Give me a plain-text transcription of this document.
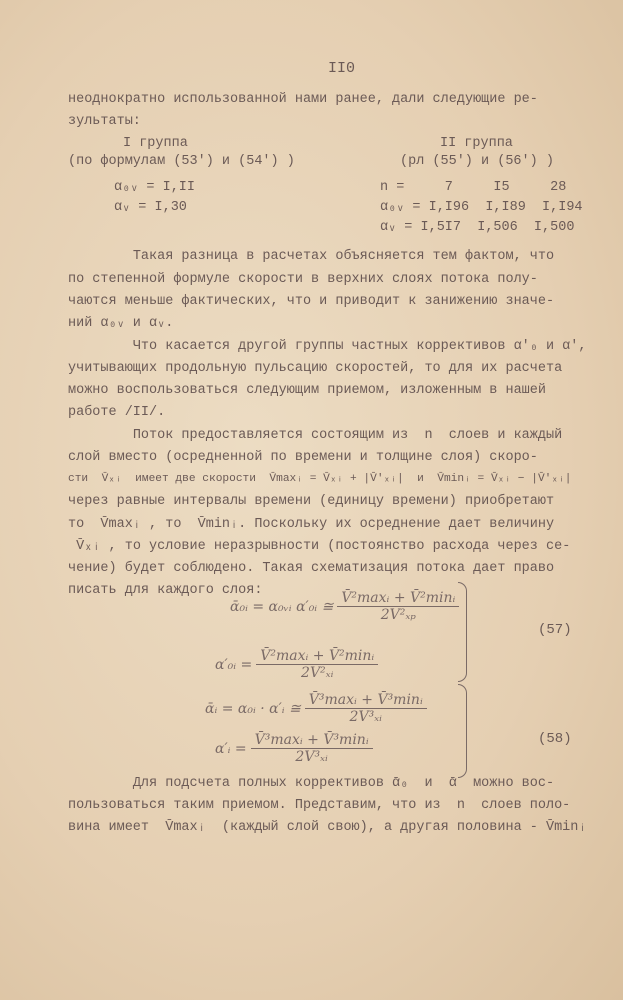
II0
неоднократно использованной нами ранее, дали следующие ре-
зультаты:
I группа
(по формулам (53′) и (54′) )
α₀ᵥ = I,II
αᵥ = I,30
II группа
(рл (55′) и (56′) )
n =     7     I5     28
α₀ᵥ = I,I96  I,I89  I,I94
αᵥ = I,5I7  I,506  I,500
Такая разница в расчетах объясняется тем фактом, что
по степенной формуле скорости в верхних слоях потока полу-
чаются меньше фактических, что и приводит к занижению значе-
ний α₀ᵥ и αᵥ.
Что касается другой группы частных коррективов α′₀ и α′,
учитывающих продольную пульсацию скоростей, то для их расчета
можно воспользоваться следующим приемом, изложенным в нашей
работе /II/.
Поток предоставляется состоящим из  n  слоев и каждый
слой вместо (осредненной по времени и толщине слоя) скоро-
сти  V̄ₓᵢ  имеет две скорости  V̄maxᵢ = V̄ₓᵢ + |V̄′ₓᵢ|  и  V̄minᵢ = V̄ₓᵢ − |V̄′ₓᵢ|
через равные интервалы времени (единицу времени) приобретают
то  V̄maxᵢ , то  V̄minᵢ. Поскольку их осреднение дает величину
V̄ₓᵢ , то условие неразрывности (постоянство расхода через се-
чение) будет соблюдено. Такая схематизация потока дает право
писать для каждого слоя:
ᾱ₀ᵢ = α₀ᵥᵢ α′₀ᵢ ≅ $\frac{\text{V̄²maxᵢ + V̄²minᵢ}}{\text{2V̄²ₓₚ}}$
α′₀ᵢ = $\frac{\text{V̄²maxᵢ + V̄²minᵢ}}{\text{2V̄²ₓᵢ}}$
ᾱᵢ = α₀ᵢ · α′ᵢ ≅ $\frac{\text{V̄³maxᵢ + V̄³minᵢ}}{\text{2V̄³ₓᵢ}}$
α′ᵢ = $\frac{\text{V̄³maxᵢ + V̄³minᵢ}}{\text{2V̄³ₓᵢ}}$
(57)
(58)
Для подсчета полных коррективов ᾱ₀  и  ᾱ  можно вос-
пользоваться таким приемом. Представим, что из  n  слоев поло-
вина имеет  V̄maxᵢ  (каждый слой свою), а другая половина - V̄minᵢ
